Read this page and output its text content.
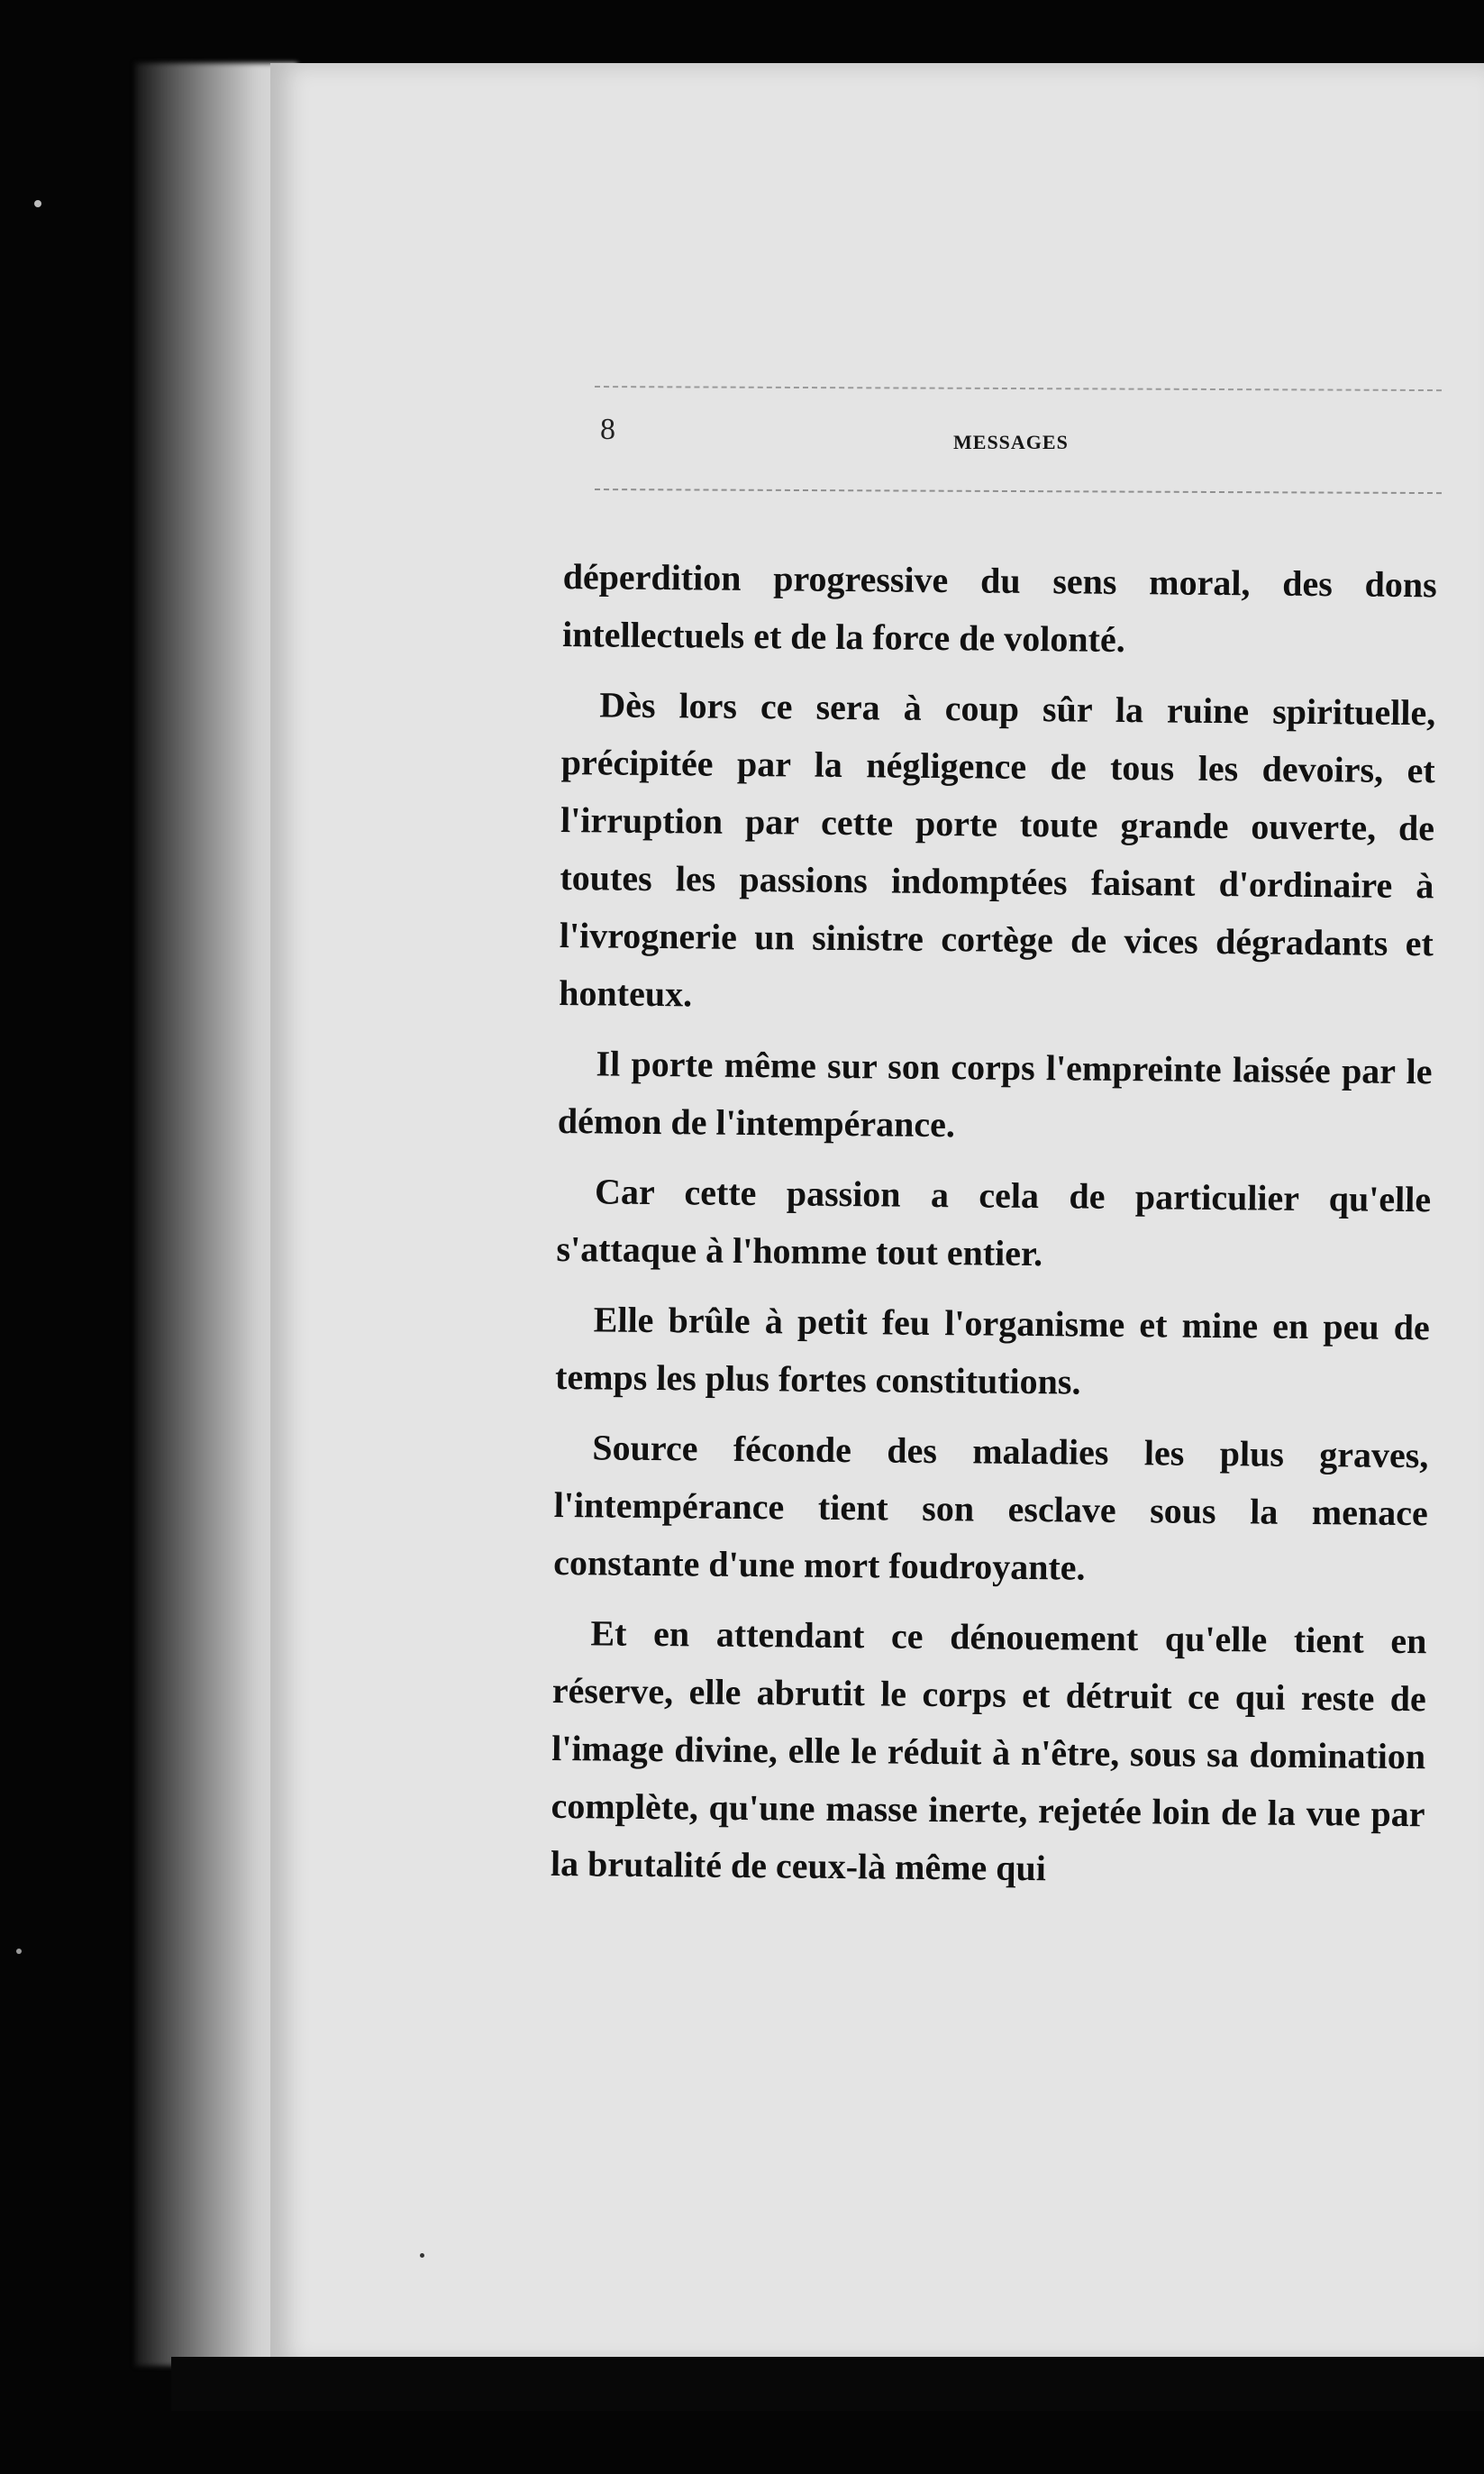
8	MESSAGES

déperdition progressive du sens moral, des dons intellectuels et de la force de volonté.

Dès lors ce sera à coup sûr la ruine spirituelle, précipitée par la négligence de tous les devoirs, et l'irruption par cette porte toute grande ouverte, de toutes les passions indomptées faisant d'ordinaire à l'ivrognerie un sinistre cortège de vices dégradants et honteux.

Il porte même sur son corps l'empreinte laissée par le démon de l'intempérance.

Car cette passion a cela de particulier qu'elle s'attaque à l'homme tout entier.

Elle brûle à petit feu l'organisme et mine en peu de temps les plus fortes constitutions.

Source féconde des maladies les plus graves, l'intempérance tient son esclave sous la menace constante d'une mort foudroyante.

Et en attendant ce dénouement qu'elle tient en réserve, elle abrutit le corps et détruit ce qui reste de l'image divine, elle le réduit à n'être, sous sa domination complète, qu'une masse inerte, rejetée loin de la vue par la brutalité de ceux-là même qui
